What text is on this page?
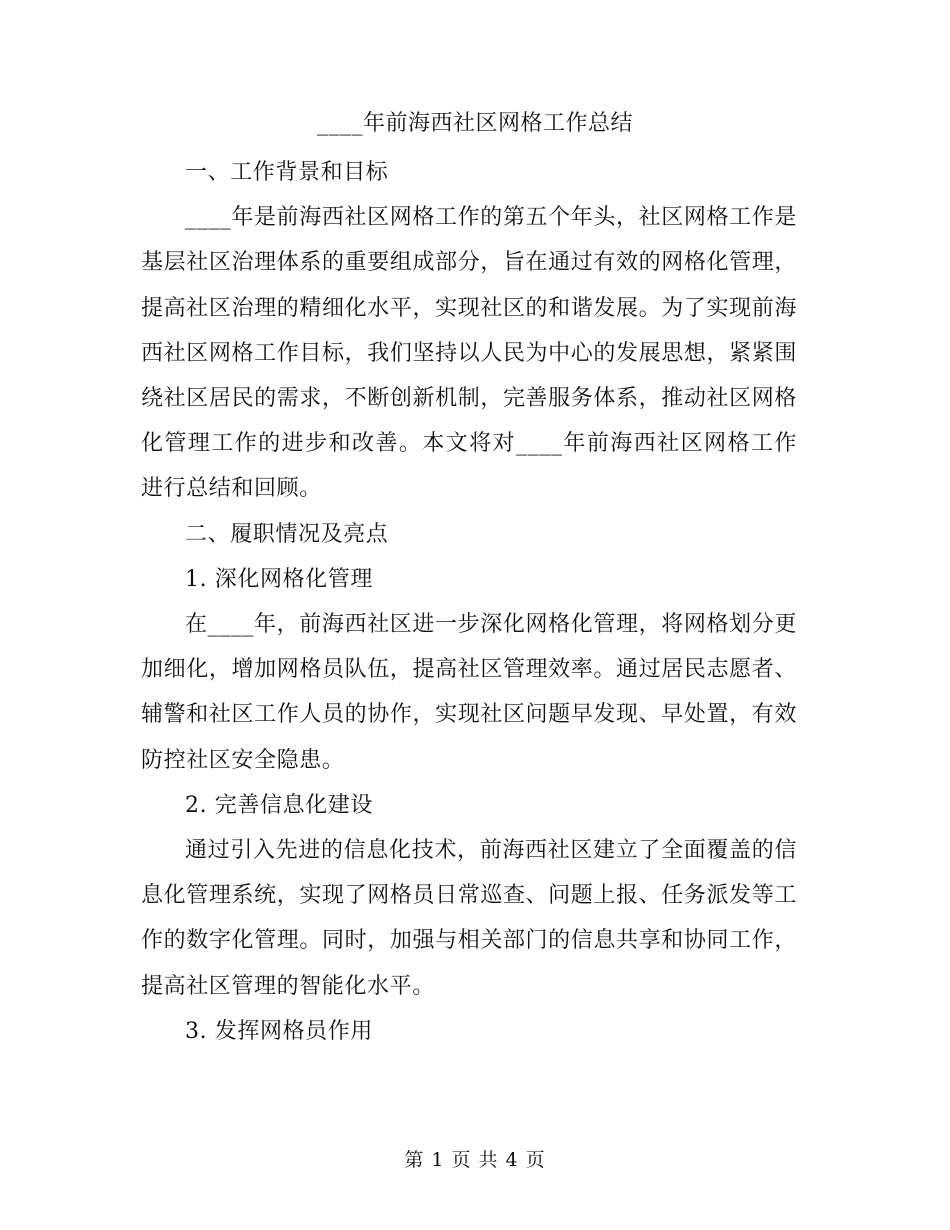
____年前海西社区网格工作总结

一、工作背景和目标

____年是前海西社区网格工作的第五个年头，社区网格工作是基层社区治理体系的重要组成部分，旨在通过有效的网格化管理，提高社区治理的精细化水平，实现社区的和谐发展。为了实现前海西社区网格工作目标，我们坚持以人民为中心的发展思想，紧紧围绕社区居民的需求，不断创新机制，完善服务体系，推动社区网格化管理工作的进步和改善。本文将对____年前海西社区网格工作进行总结和回顾。

二、履职情况及亮点

1. 深化网格化管理

在____年，前海西社区进一步深化网格化管理，将网格划分更加细化，增加网格员队伍，提高社区管理效率。通过居民志愿者、辅警和社区工作人员的协作，实现社区问题早发现、早处置，有效防控社区安全隐患。

2. 完善信息化建设

通过引入先进的信息化技术，前海西社区建立了全面覆盖的信息化管理系统，实现了网格员日常巡查、问题上报、任务派发等工作的数字化管理。同时，加强与相关部门的信息共享和协同工作，提高社区管理的智能化水平。

3. 发挥网格员作用

第 1 页 共 4 页
